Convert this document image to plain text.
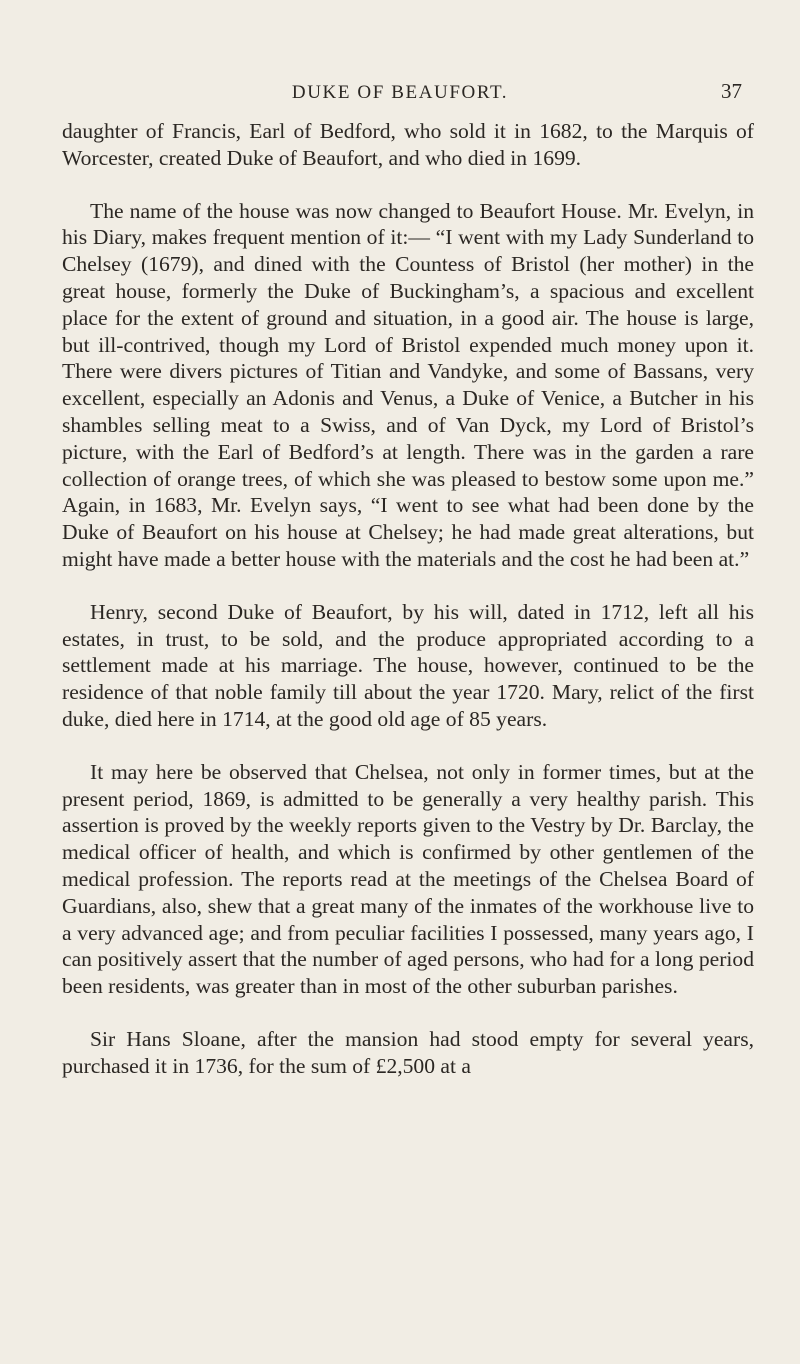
DUKE OF BEAUFORT.	37

daughter of Francis, Earl of Bedford, who sold it in 1682, to the Marquis of Worcester, created Duke of Beaufort, and who died in 1699.

The name of the house was now changed to Beaufort House. Mr. Evelyn, in his Diary, makes frequent mention of it:— “I went with my Lady Sunderland to Chelsey (1679), and dined with the Countess of Bristol (her mother) in the great house, formerly the Duke of Buckingham’s, a spacious and excellent place for the extent of ground and situation, in a good air. The house is large, but ill-contrived, though my Lord of Bristol expended much money upon it. There were divers pictures of Titian and Vandyke, and some of Bassans, very excellent, especially an Adonis and Venus, a Duke of Venice, a Butcher in his shambles selling meat to a Swiss, and of Van Dyck, my Lord of Bristol’s picture, with the Earl of Bedford’s at length. There was in the garden a rare collection of orange trees, of which she was pleased to bestow some upon me.” Again, in 1683, Mr. Evelyn says, “I went to see what had been done by the Duke of Beaufort on his house at Chelsey; he had made great alterations, but might have made a better house with the materials and the cost he had been at.”

Henry, second Duke of Beaufort, by his will, dated in 1712, left all his estates, in trust, to be sold, and the produce appropriated according to a settlement made at his marriage. The house, however, continued to be the residence of that noble family till about the year 1720. Mary, relict of the first duke, died here in 1714, at the good old age of 85 years.

It may here be observed that Chelsea, not only in former times, but at the present period, 1869, is admitted to be generally a very healthy parish. This assertion is proved by the weekly reports given to the Vestry by Dr. Barclay, the medical officer of health, and which is confirmed by other gentlemen of the medical profession. The reports read at the meetings of the Chelsea Board of Guardians, also, shew that a great many of the inmates of the workhouse live to a very advanced age; and from peculiar facilities I possessed, many years ago, I can positively assert that the number of aged persons, who had for a long period been residents, was greater than in most of the other suburban parishes.

Sir Hans Sloane, after the mansion had stood empty for several years, purchased it in 1736, for the sum of £2,500 at a
